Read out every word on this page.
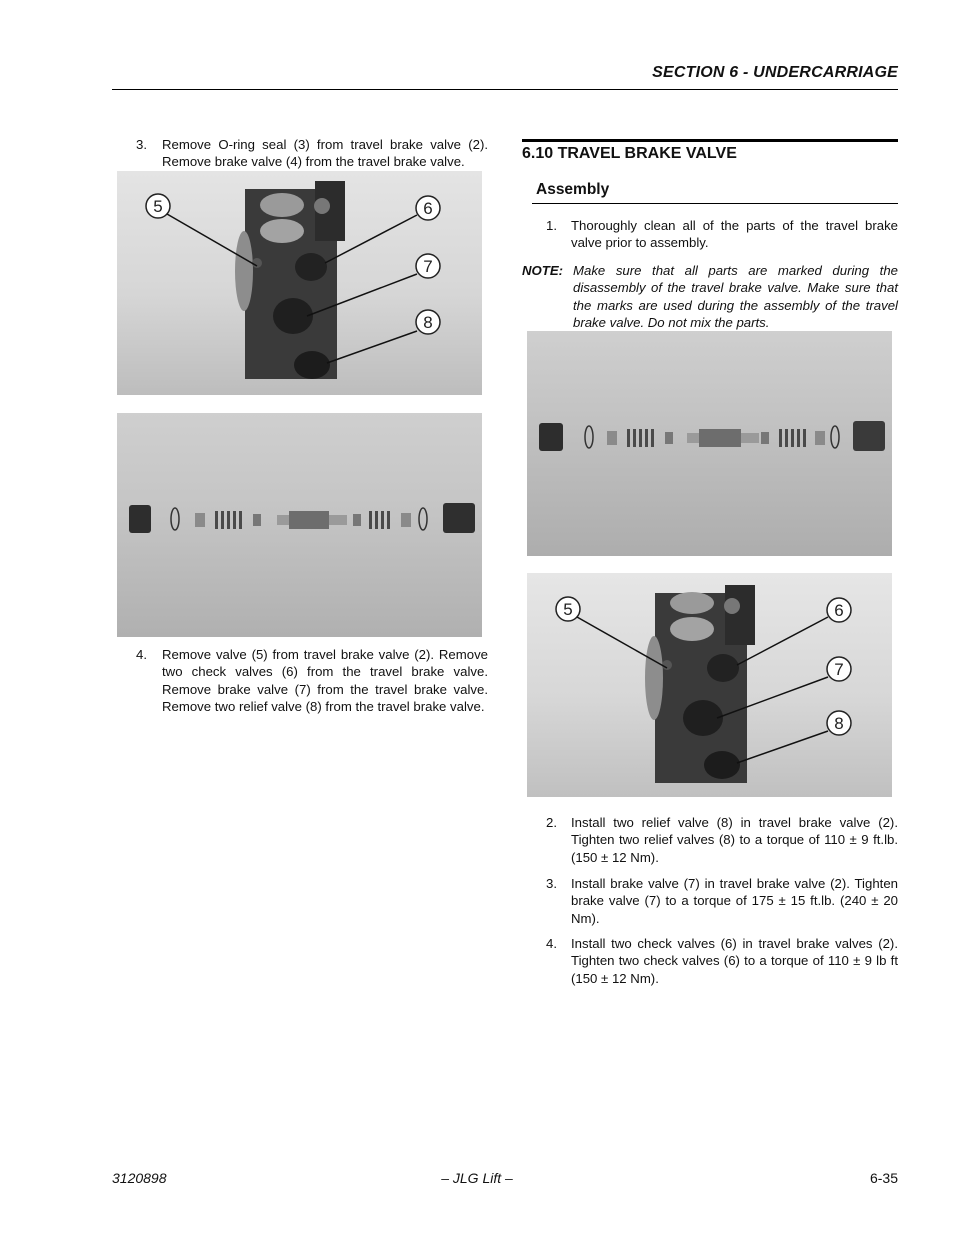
SECTION 6 - UNDERCARRIAGE
3. Remove O-ring seal (3) from travel brake valve (2). Remove brake valve (4) from the travel brake valve.
5	6
7
8
4. Remove valve (5) from travel brake valve (2). Remove two check valves (6) from the travel brake valve. Remove brake valve (7) from the travel brake valve. Remove two relief valve (8) from the travel brake valve.
6.10 TRAVEL BRAKE VALVE
Assembly
1. Thoroughly clean all of the parts of the travel brake valve prior to assembly.
NOTE: Make sure that all parts are marked during the disassembly of the travel brake valve. Make sure that the marks are used during the assembly of the travel brake valve. Do not mix the parts.
5	6
7
8
2. Install two relief valve (8) in travel brake valve (2). Tighten two relief valves (8) to a torque of 110 ± 9 ft.lb. (150 ± 12 Nm).
3. Install brake valve (7) in travel brake valve (2). Tighten brake valve (7) to a torque of 175 ± 15 ft.lb. (240 ± 20 Nm).
4. Install two check valves (6) in travel brake valves (2). Tighten two check valves (6) to a torque of 110 ± 9 lb ft (150 ± 12 Nm).
3120898	– JLG Lift –	6-35
